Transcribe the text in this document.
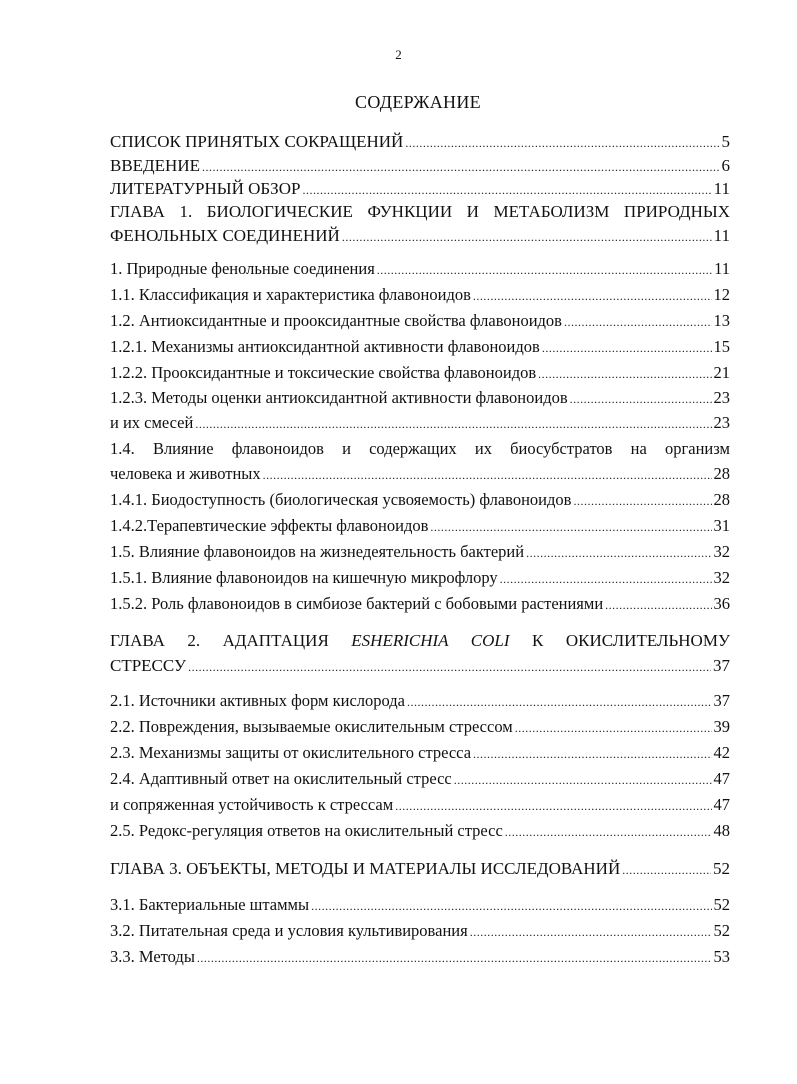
2
СОДЕРЖАНИЕ
СПИСОК ПРИНЯТЫХ СОКРАЩЕНИЙ .....	5
ВВЕДЕНИЕ .....	6
ЛИТЕРАТУРНЫЙ ОБЗОР .....	11
ГЛАВА 1. БИОЛОГИЧЕСКИЕ ФУНКЦИИ И МЕТАБОЛИЗМ ПРИРОДНЫХ
ФЕНОЛЬНЫХ СОЕДИНЕНИЙ .....	11
1. Природные фенольные соединения .....	11
1.1. Классификация и характеристика флавоноидов .....	12
1.2. Антиоксидантные и прооксидантные свойства флавоноидов .....	13
1.2.1. Механизмы антиоксидантной активности флавоноидов .....	15
1.2.2. Прооксидантные и токсические свойства флавоноидов .....	21
1.2.3. Методы оценки антиоксидантной активности флавоноидов .....	23
и их смесей .....	23
1.4. Влияние флавоноидов и содержащих их биосубстратов на организм
человека и животных .....	28
1.4.1. Биодоступность (биологическая усвояемость) флавоноидов .....	28
1.4.2.Терапевтические эффекты флавоноидов .....	31
1.5. Влияние флавоноидов на жизнедеятельность бактерий .....	32
1.5.1. Влияние флавоноидов на кишечную микрофлору .....	32
1.5.2. Роль флавоноидов в симбиозе бактерий с бобовыми растениями .....	36
ГЛАВА 2. АДАПТАЦИЯ ESHERICHIA COLI К ОКИСЛИТЕЛЬНОМУ
СТРЕССУ .....	37
2.1. Источники активных форм кислорода .....	37
2.2. Повреждения, вызываемые окислительным стрессом .....	39
2.3. Механизмы защиты от окислительного стресса .....	42
2.4. Адаптивный ответ на окислительный стресс .....	47
и сопряженная устойчивость к стрессам .....	47
2.5. Редокс-регуляция ответов на окислительный стресс .....	48
ГЛАВА 3. ОБЪЕКТЫ, МЕТОДЫ И МАТЕРИАЛЫ ИССЛЕДОВАНИЙ .....	52
3.1. Бактериальные штаммы .....	52
3.2. Питательная среда и условия культивирования .....	52
3.3. Методы .....	53
